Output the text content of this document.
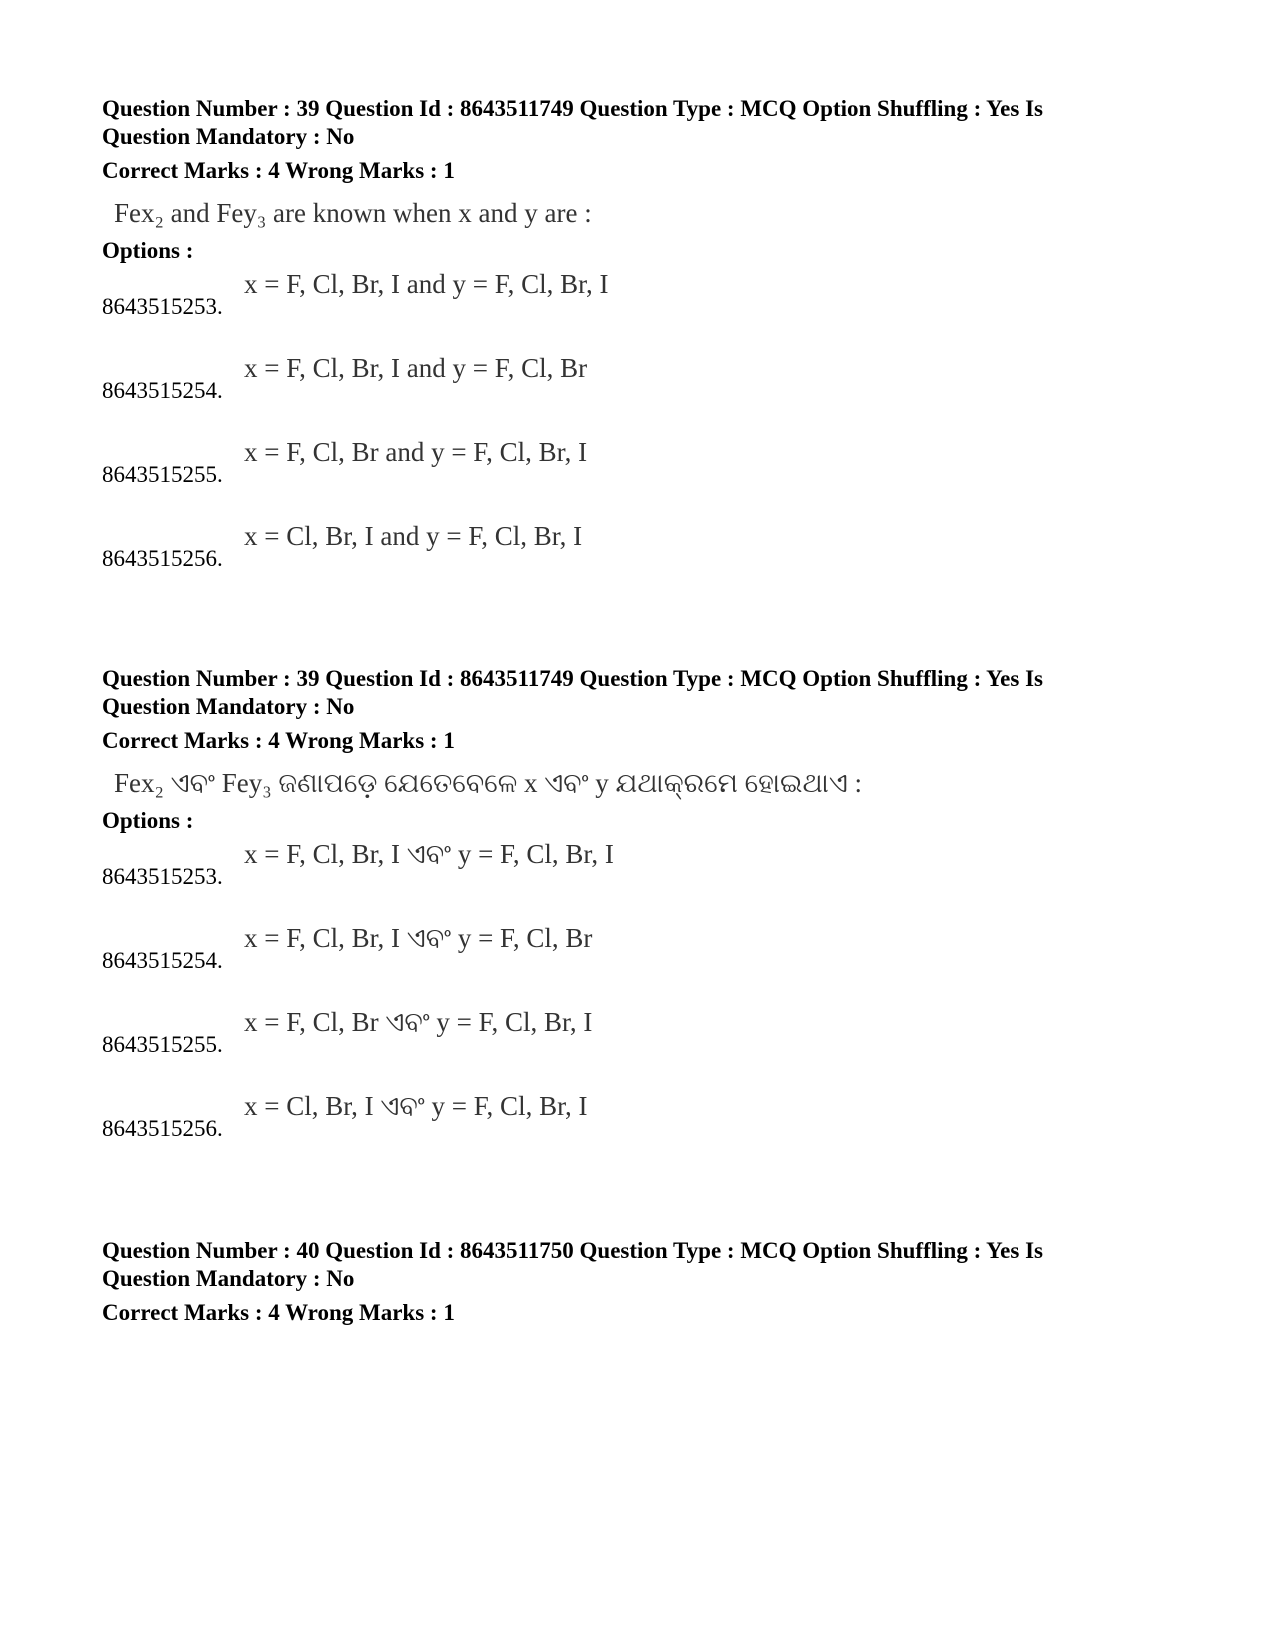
Question Number : 39 Question Id : 8643511749 Question Type : MCQ Option Shuffling : Yes Is
Question Mandatory : No
Correct Marks : 4 Wrong Marks : 1
Fex₂ and Fey₃ are known when x and y are :
Options :
8643515253.
x = F, Cl, Br, I and y = F, Cl, Br, I
8643515254.
x = F, Cl, Br, I and y = F, Cl, Br
8643515255.
x = F, Cl, Br and y = F, Cl, Br, I
8643515256.
x = Cl, Br, I and y = F, Cl, Br, I
Question Number : 39 Question Id : 8643511749 Question Type : MCQ Option Shuffling : Yes Is
Question Mandatory : No
Correct Marks : 4 Wrong Marks : 1
Fex₂ ଏବଂ Fey₃ ଜଣାପଡ଼େ ଯେତେବେଳେ x ଏବଂ y ଯଥାକ୍ରମେ ହୋଇଥାଏ :
Options :
8643515253.
x = F, Cl, Br, I ଏବଂ y = F, Cl, Br, I
8643515254.
x = F, Cl, Br, I ଏବଂ y = F, Cl, Br
8643515255.
x = F, Cl, Br ଏବଂ y = F, Cl, Br, I
8643515256.
x = Cl, Br, I ଏବଂ y = F, Cl, Br, I
Question Number : 40 Question Id : 8643511750 Question Type : MCQ Option Shuffling : Yes Is
Question Mandatory : No
Correct Marks : 4 Wrong Marks : 1
